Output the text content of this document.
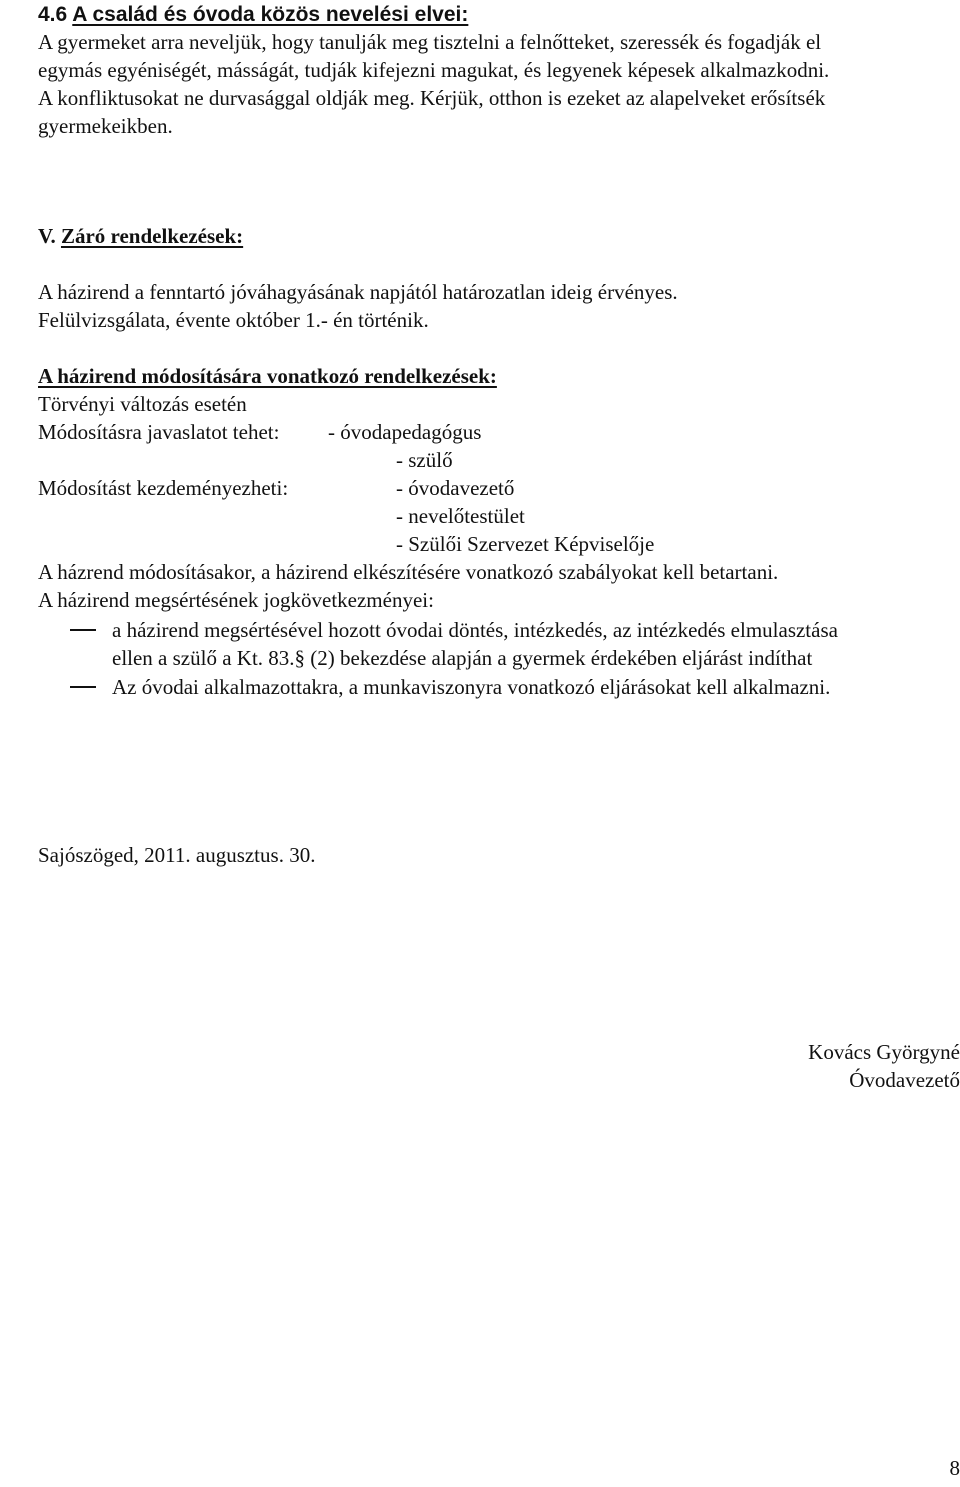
4.6 A család és óvoda közös nevelési elvei:
A gyermeket arra neveljük, hogy tanulják meg tisztelni a felnőtteket, szeressék és fogadják el
egymás egyéniségét, másságát, tudják kifejezni magukat, és legyenek képesek alkalmazkodni.
A konfliktusokat ne durvasággal oldják meg. Kérjük, otthon is ezeket az alapelveket erősítsék
gyermekeikben.
V. Záró rendelkezések:
A házirend a fenntartó jóváhagyásának napjától határozatlan ideig érvényes.
Felülvizsgálata, évente október 1.- én történik.
A házirend módosítására vonatkozó rendelkezések:
Törvényi változás esetén
Módosításra javaslatot tehet: - óvodapedagógus
- szülő
Módosítást kezdeményezheti:	- óvodavezető
- nevelőtestület
- Szülői Szervezet Képviselője
A házrend módosításakor, a házirend elkészítésére vonatkozó szabályokat kell betartani.
A házirend megsértésének jogkövetkezményei:
a házirend megsértésével hozott óvodai döntés, intézkedés, az intézkedés elmulasztása
ellen a szülő a Kt. 83.§ (2) bekezdése alapján a gyermek érdekében eljárást indíthat
Az óvodai alkalmazottakra, a munkaviszonyra vonatkozó eljárásokat kell alkalmazni.
Sajószöged, 2011. augusztus. 30.
Kovács Györgyné
Óvodavezető
8
